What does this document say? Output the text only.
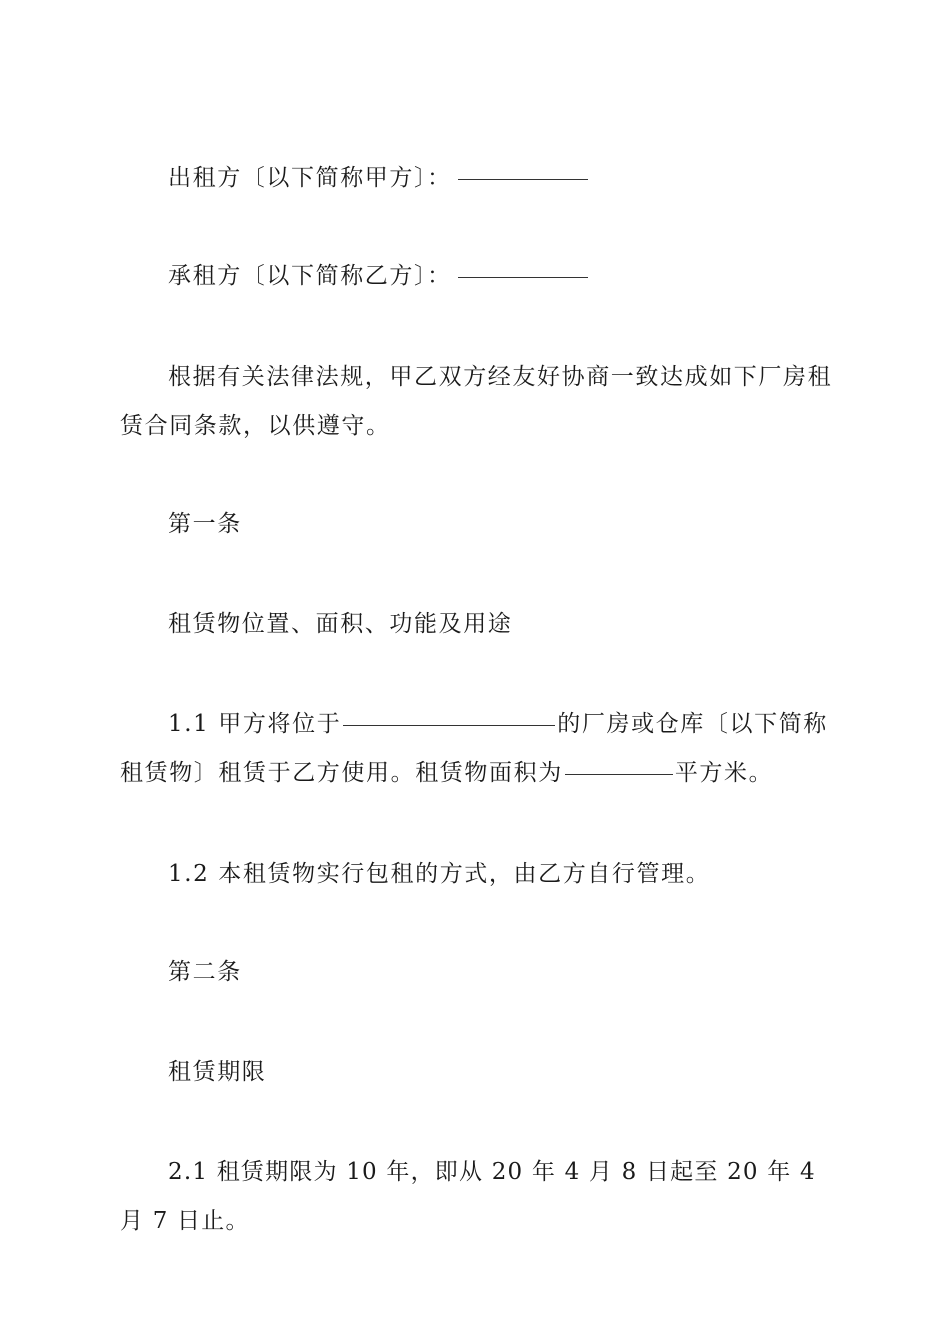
出租方〔以下简称甲方〕：
承租方〔以下简称乙方〕：
根据有关法律法规，甲乙双方经友好协商一致达成如下厂房租赁合同条款，以供遵守。
第一条
租赁物位置、面积、功能及用途
1.1 甲方将位于	的厂房或仓库〔以下简称租赁物〕租赁于乙方使用。租赁物面积为	平方米。
1.2 本租赁物实行包租的方式，由乙方自行管理。
第二条
租赁期限
2.1 租赁期限为 10 年，即从 20 年 4 月 8 日起至 20 年 4 月 7 日止。
